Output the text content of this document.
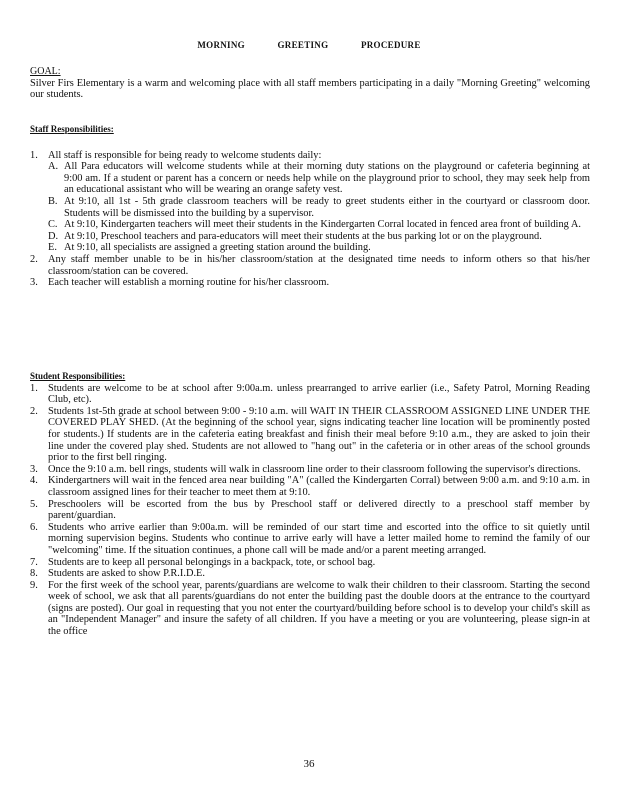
MORNING GREETING PROCEDURE
GOAL:

Silver Firs Elementary is a warm and welcoming place with all staff members participating in a daily "Morning Greeting" welcoming our students.

Staff Responsibilities:
1. All staff is responsible for being ready to welcome students daily:
A. All Para educators will welcome students while at their morning duty stations on the playground or cafeteria beginning at 9:00 am. If a student or parent has a concern or needs help while on the playground prior to school, they may seek help from an educational assistant who will be wearing an orange safety vest.
B. At 9:10, all 1st - 5th grade classroom teachers will be ready to greet students either in the courtyard or classroom door. Students will be dismissed into the building by a supervisor.
C. At 9:10, Kindergarten teachers will meet their students in the Kindergarten Corral located in fenced area front of building A.
D. At 9:10, Preschool teachers and para-educators will meet their students at the bus parking lot or on the playground.
E. At 9:10, all specialists are assigned a greeting station around the building.
2. Any staff member unable to be in his/her classroom/station at the designated time needs to inform others so that his/her classroom/station can be covered.
3. Each teacher will establish a morning routine for his/her classroom.
Student Responsibilities:
1. Students are welcome to be at school after 9:00a.m. unless prearranged to arrive earlier (i.e., Safety Patrol, Morning Reading Club, etc).
2. Students 1st-5th grade at school between 9:00 - 9:10 a.m. will WAIT IN THEIR CLASSROOM ASSIGNED LINE UNDER THE COVERED PLAY SHED. (At the beginning of the school year, signs indicating teacher line location will be prominently posted for students.) If students are in the cafeteria eating breakfast and finish their meal before 9:10 a.m., they are asked to join their line under the covered play shed. Students are not allowed to "hang out" in the cafeteria or in other areas of the school grounds prior to the first bell ringing.
3. Once the 9:10 a.m. bell rings, students will walk in classroom line order to their classroom following the supervisor's directions.
4. Kindergartners will wait in the fenced area near building "A" (called the Kindergarten Corral) between 9:00 a.m. and 9:10 a.m. in classroom assigned lines for their teacher to meet them at 9:10.
5. Preschoolers will be escorted from the bus by Preschool staff or delivered directly to a preschool staff member by parent/guardian.
6. Students who arrive earlier than 9:00a.m. will be reminded of our start time and escorted into the office to sit quietly until morning supervision begins. Students who continue to arrive early will have a letter mailed home to remind the family of our "welcoming" time. If the situation continues, a phone call will be made and/or a parent meeting arranged.
7. Students are to keep all personal belongings in a backpack, tote, or school bag.
8. Students are asked to show P.R.I.D.E.
9. For the first week of the school year, parents/guardians are welcome to walk their children to their classroom. Starting the second week of school, we ask that all parents/guardians do not enter the building past the double doors at the entrance to the courtyard (signs are posted). Our goal in requesting that you not enter the courtyard/building before school is to develop your child's skill as an "Independent Manager" and insure the safety of all children. If you have a meeting or you are volunteering, please sign-in at the office
36
